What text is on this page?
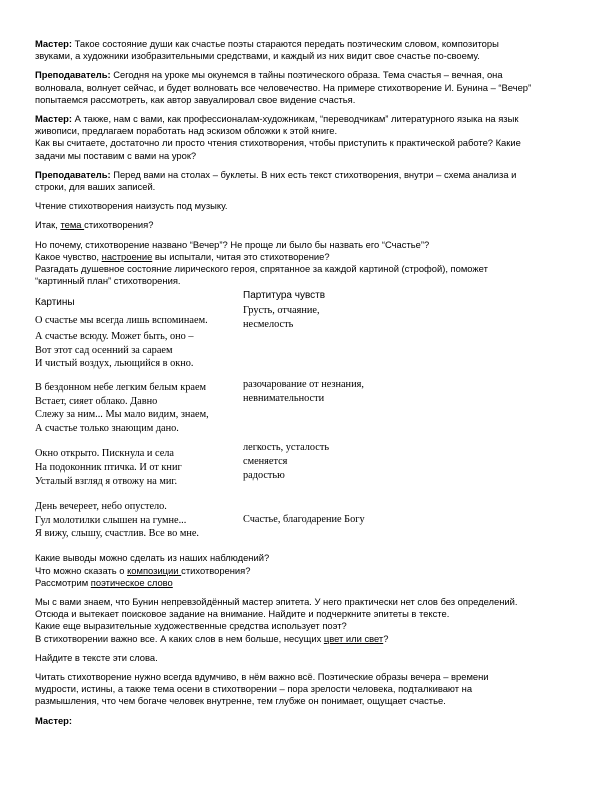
Мастер: Такое состояние души как счастье поэты стараются передать поэтическим словом, композиторы
звуками, а художники изобразительными средствами, и каждый из них видит свое счастье по-своему.

Преподаватель: Сегодня на уроке мы окунемся в тайны поэтического образа. Тема счастья – вечная, она
волновала, волнует сейчас, и будет волновать все человечество. На примере стихотворение И. Бунина – “Вечер”
попытаемся рассмотреть, как автор завуалировал свое видение счастья.

Мастер: А также, нам с вами, как профессионалам-художникам, “переводчикам” литературного языка на язык
живописи, предлагаем поработать над эскизом обложки к этой книге.
Как вы считаете, достаточно ли просто чтения стихотворения, чтобы приступить к практической работе? Какие
задачи мы поставим с вами на урок?

Преподаватель: Перед вами на столах – буклеты. В них есть текст стихотворения, внутри – схема анализа и
строки, для ваших записей.

Чтение стихотворения наизусть под музыку.

Итак, тема стихотворения?

Но почему, стихотворение названо “Вечер”? Не проще ли было бы назвать его “Счастье”?
Какое чувство, настроение вы испытали, читая это стихотворение?
Разгадать душевное состояние лирического героя, спрятанное за каждой картиной (строфой), поможет
“картинный план” стихотворения.

Картины
О счастье мы всегда лишь вспоминаем.
А счастье всюду. Может быть, оно –
Вот этот сад осенний за сараем
И чистый воздух, льющийся в окно.
В бездонном небе легким белым краем
Встает, сияет облако. Давно
Слежу за ним... Мы мало видим, знаем,
А счастье только знающим дано.
Окно открыто. Пискнула и села
На подоконник птичка. И от книг
Усталый взгляд я отвожу на миг.
День вечереет, небо опустело.
Гул молотилки слышен на гумне...
Я вижу, слышу, счастлив. Все во мне.
Партитура чувств
Грусть, отчаяние,
несмелость
разочарование от незнания,
невнимательности
легкость, усталость
сменяется
радостью
Счастье, благодарение Богу

Какие выводы можно сделать из наших наблюдений?
Что можно сказать о композиции стихотворения?
Рассмотрим поэтическое слово

Мы с вами знаем, что Бунин непревзойдённый мастер эпитета. У него практически нет слов без определений.
Отсюда и вытекает поисковое задание на внимание. Найдите и подчеркните эпитеты в тексте.
Какие еще выразительные художественные средства использует поэт?
В стихотворении важно все. А каких слов в нем больше, несущих цвет или свет?

Найдите в тексте эти слова.

Читать стихотворение нужно всегда вдумчиво, в нём важно всё. Поэтические образы вечера – времени
мудрости, истины, а также тема осени в стихотворении – пора зрелости человека, подталкивают на
размышления, что чем богаче человек внутренне, тем глубже он понимает, ощущает счастье.

Мастер:
